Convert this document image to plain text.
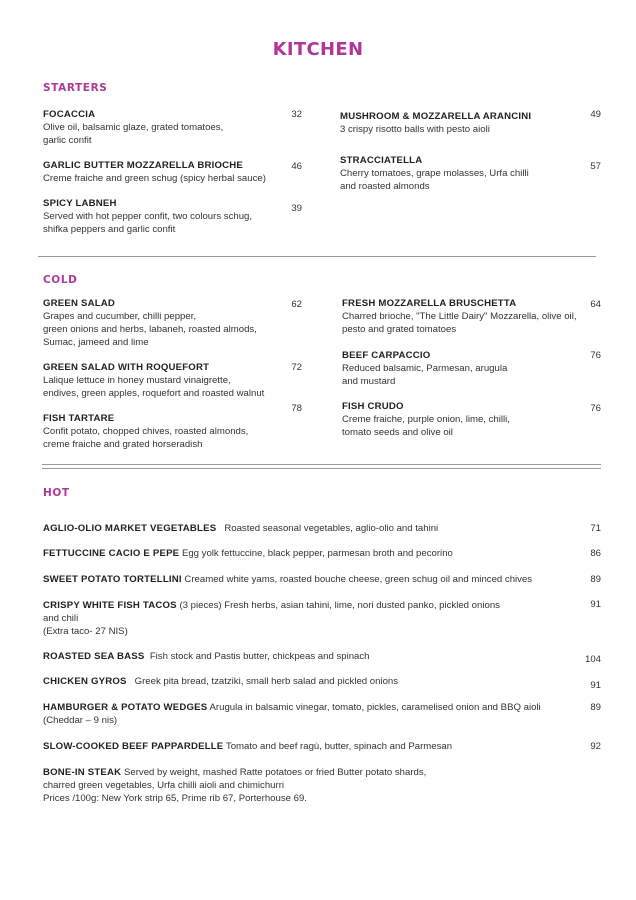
KITCHEN
STARTERS
FOCACCIA
Olive oil, balsamic glaze, grated tomatoes,
garlic confit
32
GARLIC BUTTER MOZZARELLA BRIOCHE
Creme fraiche and green schug (spicy herbal sauce)
46
SPICY LABNEH
Served with hot pepper confit, two colours schug,
shifka peppers and garlic confit
39
MUSHROOM & MOZZARELLA ARANCINI
3 crispy risotto balls with pesto aioli
49
STRACCIATELLA
Cherry tomatoes, grape molasses, Urfa chilli
and roasted almonds
57
COLD
GREEN SALAD
Grapes and cucumber, chilli pepper,
green onions and herbs, labaneh, roasted almods,
Sumac, jameed and lime
62
GREEN SALAD WITH ROQUEFORT
Lalique lettuce in honey mustard vinaigrette,
endives, green apples, roquefort and roasted walnut
72
FISH TARTARE
Confit potato, chopped chives, roasted almonds,
creme fraiche and grated horseradish
78
FRESH MOZZARELLA BRUSCHETTA
Charred brioche, "The Little Dairy" Mozzarella, olive oil,
pesto and grated tomatoes
64
BEEF CARPACCIO
Reduced balsamic, Parmesan, arugula
and mustard
76
FISH CRUDO
Creme fraiche, purple onion, lime, chilli,
tomato seeds and olive oil
76
HOT
AGLIO-OLIO MARKET VEGETABLES Roasted seasonal vegetables, aglio-olio and tahini	71
FETTUCCINE CACIO E PEPE Egg yolk fettuccine, black pepper, parmesan broth and pecorino	86
SWEET POTATO TORTELLINI Creamed white yams, roasted bouche cheese, green schug oil and minced chives	89
CRISPY WHITE FISH TACOS (3 pieces) Fresh herbs, asian tahini, lime, nori dusted panko, pickled onions
and chili
(Extra taco- 27 NIS)
91
ROASTED SEA BASS Fish stock and Pastis butter, chickpeas and spinach	104
CHICKEN GYROS Greek pita bread, tzatziki, small herb salad and pickled onions	91
HAMBURGER & POTATO WEDGES Arugula in balsamic vinegar, tomato, pickles, caramelised onion and BBQ aioli
(Cheddar – 9 nis)
89
SLOW-COOKED BEEF PAPPARDELLE Tomato and beef ragù, butter, spinach and Parmesan	92
BONE-IN STEAK Served by weight, mashed Ratte potatoes or fried Butter potato shards,
charred green vegetables, Urfa chilli aioli and chimichurri
Prices /100g: New York strip 65, Prime rib 67, Porterhouse 69.
